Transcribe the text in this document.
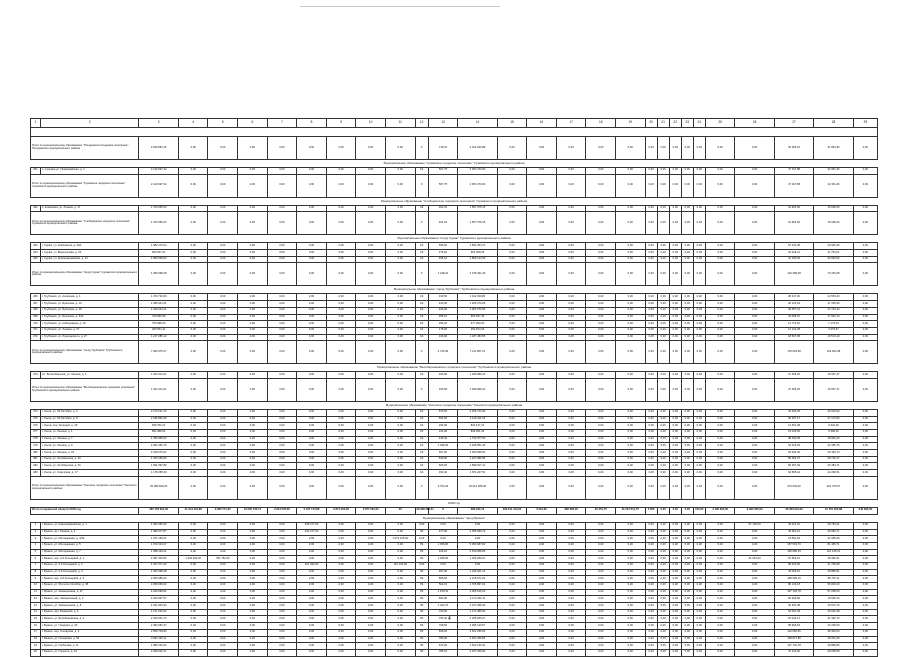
1	2	3	4	5	6	7	8	9	10	11	12	13	14	15	16	17	18	19	20	21	22	23	24	25	26	27	28	29

Итого по муниципальному образованию "Погоданское Кочедские поселение" Погоданского муниципального района		2 530 884,16	0,00	0,00	0,00	0,00	0,00	0,00	0,00	0,00	X	718,70	2 424 622,89	0,00	0,00	0,00	0,00	0,00	0,00	0,00	0,00	0,00	0,00	0,00	0,00	63 365,16	41 854,35	0,00
Муниципальное образование "Суземское городское поселение" Суземского муниципального района																												
261	п. Суземка ул. Первомайская, д. 1	2 120 997,34	0,00	0,00	0,00	0,00	0,00	0,00	0,00	0,00	СК	567,75	2 053 473,00	0,00	0,00	0,00	0,00	0,00	0,00	0,00	0,00	0,00	0,00	0,00	0,00	47 167,88	32 361,46	0,00
Итого по муниципальному образованию "Суземское городское поселение" Суземского муниципального района		2 120 997,34	0,00	0,00	0,00	0,00	0,00	0,00	0,00	0,00	X	567,75	2 053 473,00	0,00	0,00	0,00	0,00	0,00	0,00	0,00	0,00	0,00	0,00	0,00	0,00	47 167,88	32 361,46	0,00
Муниципальное образование "Слободинское городское поселение" Суземского муниципального района																												
262	п. Кокоревка, ул. Ленина, д. 17	1 704 650,03	0,00	0,00	0,00	0,00	0,00	0,00	0,00	0,00	СК	461,10	1 657 075,15	0,00	0,00	0,00	0,00	0,00	0,00	0,00	0,00	0,00	0,00	0,00	0,00	31 664,52	15 628,26	0,00
Итого по муниципальному образованию "Слободинское городское поселение" Суземского муниципального района		1 704 650,03	0,00	0,00	0,00	0,00	0,00	0,00	0,00	0,00	X	461,10	1 657 075,15	0,00	0,00	0,00	0,00	0,00	0,00	0,00	0,00	0,00	0,00	0,00	0,00	31 664,52	15 628,26	0,00
Муниципальное образование "город Сураж" Суражского муниципального района																												
263	г. Сураж, ул. Комсомола, д. 46А	1 682 270,64	0,00	0,00	0,00	0,00	0,00	0,00	0,00	0,00	СК	505,00	1 564 354,72	0,00	0,00	0,00	0,00	0,00	0,00	0,00	0,00	0,00	0,00	0,00	0,00	67 410,48	20 905,45	0,00
264	г. Сураж, ул. Ворошилова, д. 63	993 267,91	0,00	0,00	0,00	0,00	0,00	0,00	0,00	0,00	СК	276,81	951 069,25	0,00	0,00	0,00	0,00	0,00	0,00	0,00	0,00	0,00	0,00	0,00	0,00	34 429,21	11 794,61	0,00
265	г. Сураж, ул. Красноармейская, д. 24	1 850 538,03	0,00	0,00	0,00	0,00	0,00	0,00	0,00	0,00	СК	465,12	1 863 123,39	0,00	0,00	0,00	0,00	0,00	0,00	0,00	0,00	0,00	0,00	0,00	0,00	41 150,02	22 064,52	0,00
Итого по муниципальному образованию "город Сураж" Суражского муниципального района		4 466 098,28	0,00	0,00	0,00	0,00	0,00	0,00	0,00	0,00	X	1 248,10	4 378 461,40	0,00	0,00	0,00	0,00	0,00	0,00	0,00	0,00	0,00	0,00	0,00	0,00	140 289,28	70 152,68	0,00
Муниципальное образование "город Трубчевск" Трубчевского муниципального района																												
266	г. Трубчевск, ул. Ансинова, д. 1	1 370 726,06	0,00	0,00	0,00	0,00	0,00	0,00	0,00	0,00	СК	430,50	1 312 039,80	0,00	0,00	0,00	0,00	0,00	0,00	0,00	0,00	0,00	0,00	0,00	0,00	38 447,30	24 554,20	0,00
267	г. Трубчевск, ул. Брянская, д. 10	1 385 941,51	0,00	0,00	0,00	0,00	0,00	0,00	0,00	0,00	СК	433,00	1 325 276,05	0,00	0,00	0,00	0,00	0,00	0,00	0,00	0,00	0,00	0,00	0,00	0,00	26 123,63	17 155,90	0,00
268	г. Трубчевск, ул. Брянская, д. 18	1 340 024,21	0,00	0,00	0,00	0,00	0,00	0,00	0,00	0,00	СК	425,00	1 301 670,05	0,00	0,00	0,00	0,00	0,00	0,00	0,00	0,00	0,00	0,00	0,00	0,00	36 457,41	17 724,44	0,00
269	г. Трубчевск, ул. Брянская, д. 34А	720 096,99	0,00	0,00	0,00	0,00	0,00	0,00	0,00	0,00	СК	295,10	663 847,45	0,00	0,00	0,00	0,00	0,00	0,00	0,00	0,00	0,00	0,00	0,00	0,00	34 068,37	17 691,14	0,00
270	г. Трубчевск, ул. Набережная, д. 16	705 998,00	0,00	0,00	0,00	0,00	0,00	0,00	0,00	0,00	СК	294,20	677 003,00	0,00	0,00	0,00	0,00	0,00	0,00	0,00	0,00	0,00	0,00	0,00	0,00	11 774,62	7 179,04	0,00
271	г. Трубчевск, ул. Ленина, д. 27	260 654,41	0,00	0,00	0,00	0,00	0,00	0,00	0,00	0,00	СК	178,00	252 814,03	0,00	0,00	0,00	0,00	0,00	0,00	0,00	0,00	0,00	0,00	0,00	0,00	12 122,28	4 379,67	0,00
272	г. Трубчевск, ул. Луначарского, д. 27	1 217 286,12	0,00	0,00	0,00	0,00	0,00	0,00	0,00	0,00	СК	430,00	1 187 484,55	0,00	0,00	0,00	0,00	0,00	0,00	0,00	0,00	0,00	0,00	0,00	0,00	18 527,08	10 513,19	0,00
Итого по муниципальному образованию "город Трубчевск" Трубчевского муниципального района		7 000 675,47	0,00	0,00	0,00	0,00	0,00	0,00	0,00	0,00	X	2 740,45	7 111 087,21	0,00	0,00	0,00	0,00	0,00	0,00	0,00	0,00	0,00	0,00	0,00	0,00	178 629,68	102 904,98	0,00
Муниципальное образование "Белоберезковское городское поселение" Трубчевского муниципального района																												
273	пгт. Белая Березка, ул. Ленина, д. 4	1 343 411,01	0,00	0,00	0,00	0,00	0,00	0,00	0,00	0,00	СК	323,50	1 299 999,14	0,00	0,00	0,00	0,00	0,00	0,00	0,00	0,00	0,00	0,00	0,00	0,00	27 356,25	16 557,47	0,00
Итого по муниципальному образованию "Белоберезковское городское поселение" Трубчевского муниципального района		1 343 411,01	0,00	0,00	0,00	0,00	0,00	0,00	0,00	0,00	X	323,50	1 299 999,14	0,00	0,00	0,00	0,00	0,00	0,00	0,00	0,00	0,00	0,00	0,00	0,00	27 356,25	16 557,47	0,00
Муниципальное образование "Унечское городское поселение" Унечского муниципального района																												
274	г. Унеча, ул. 50 Октября, д. 4	2 173 221,70	0,00	0,00	0,00	0,00	0,00	0,00	0,00	0,00	СК	576,00	2 106 712,92	0,00	0,00	0,00	0,00	0,00	0,00	0,00	0,00	0,00	0,00	0,00	0,00	44 484,05	22 023,93	0,00
275	г. Унеча, ул. 50 Октября, д. 8	2 186 862,28	0,00	0,00	0,00	0,00	0,00	0,00	0,00	0,00	СК	564,60	2 129 411,03	0,00	0,00	0,00	0,00	0,00	0,00	0,00	0,00	0,00	0,00	0,00	0,00	30 257,17	27 173,66	0,00
276	г. Унеча, пер. Зеленый, д. 25	845 762,21	0,00	0,00	0,00	0,00	0,00	0,00	0,00	0,00	СК	234,60	822 137,41	0,00	0,00	0,00	0,00	0,00	0,00	0,00	0,00	0,00	0,00	0,00	0,00	14 351,48	9 343,26	0,00
277	г. Унеча, ул. Ленина, д. 1	864 488,04	0,00	0,00	0,00	0,00	0,00	0,00	0,00	0,00	СК	241,00	839 051,36	0,00	0,00	0,00	0,00	0,00	0,00	0,00	0,00	0,00	0,00	0,00	0,00	16 046,56	9 390,02	0,00
278	г. Унеча, ул. Ленина, д. 7	1 784 983,02	0,00	0,00	0,00	0,00	0,00	0,00	0,00	0,00	СК	445,40	1 732 977,50	0,00	0,00	0,00	0,00	0,00	0,00	0,00	0,00	0,00	0,00	0,00	0,00	38 060,09	18 945,43	0,00
279	г. Унеча, ул. Ленина, д. 9	2 362 466,76	0,00	0,00	0,00	0,00	0,00	0,00	0,00	0,00	СК	1 098,30	2 296 851,40	0,00	0,00	0,00	0,00	0,00	0,00	0,00	0,00	0,00	0,00	0,00	0,00	54 013,03	42 185,76	0,00
280	г. Унеча, ул. Ленина, д. 18	2 318 076,02	0,00	0,00	0,00	0,00	0,00	0,00	0,00	0,00	СК	567,50	2 260 566,60	0,00	0,00	0,00	0,00	0,00	0,00	0,00	0,00	0,00	0,00	0,00	0,00	53 236,40	26 493,73	0,00
281	г. Унеча, ул. Октябрьская, д. 32	1 315 169,56	0,00	0,00	0,00	0,00	0,00	0,00	0,00	0,00	СК	529,00	1 227 896,95	0,00	0,00	0,00	0,00	0,00	0,00	0,00	0,00	0,00	0,00	0,00	0,00	55 483,37	29 749,17	0,00
282	г. Унеча, ул. Октябрьская, д. 61	1 991 597,89	0,00	0,00	0,00	0,00	0,00	0,00	0,00	0,00	СК	606,00	1 899 617,11	0,00	0,00	0,00	0,00	0,00	0,00	0,00	0,00	0,00	0,00	0,00	0,00	50 457,49	25 484,71	0,00
283	г. Унеча, ул. Советская, д. 17	1 178 258,30	0,00	0,00	0,00	0,00	0,00	0,00	0,00	0,00	СК	452,40	1 671 227,51	0,00	0,00	0,00	0,00	0,00	0,00	0,00	0,00	0,00	0,00	0,00	0,00	64 568,42	22 290,51	0,00
Итого по муниципальному образованию "Унечское городское поселение" Унечского муниципального района		20 080 929,00	0,00	0,00	0,00	0,00	0,00	0,00	0,00	0,00	X	5 764,40	19 614 486,00	0,00	0,00	0,00	0,00	0,00	0,00	0,00	0,00	0,00	0,00	0,00	0,00	373 003,02	301 379,67	0,00
2018 год																												
Итого по Брянской области 2018 год		387 150 991,00	41 044 404,88	9 960 771,26	10 600 730,74	2 814 078,36	5 427 173,88	2 871 202,36	2 977 233,34	40	23 296 085,41	X	383 222,12	309 011 414,64	2 091,60	382 980,00	20 351,75	31 012 514,75	2 206	0,00	0,00	0,00	150,00	4 190 905,00	9 090 305,00	26 300 944,00	12 761 205,88	246 090,00
Муниципальное образование "город Брянск"																												
1	г. Брянск, ул. Красноармейская, д. 1	1 360 356,36	0,00	0,00	0,00	0,00	348 277,00	0,00	0,00	0,00	0,00	0,00	0,00	0,00	0,00	0,00	0,00	0,00	0,00	0,00	0,00	0,00	0,00	0,00	67 135,00	49 115,32	29 794,41	0,00
2	г. Брянск, пр-т Ленина, д. 2	1 999 377,87	0,00	0,00	0,00	0,00	420 277,00	0,00	0,00	0,00	ПК	477,90	2 355 999,72	0,00	0,00	0,00	0,00	0,00	0,00	0,00	0,00	0,00	0,00	0,00	0,00	42 961,12	45 083,71	0,00
3	г. Брянск, ул. Молодежная, д. 4/32	1 971 136,21	0,00	0,00	0,00	0,00	0,00	0,00	0,00	1 073 125,60	0,00	0,00	0,00	0,00	0,00	0,00	0,00	0,00	0,00	0,00	0,00	0,00	0,00	0,00	0,00	13 561,62	34 185,29	0,00
4	г. Брянск, ул. Молодежная, д. 5	1 072 023,27	0,00	0,00	0,00	0,00	0,00	0,00	0,00	0,00	ПК	1 056,80	5 050 987,60	0,00	0,00	0,00	0,00	0,00	0,00	0,00	0,00	0,00	0,00	0,00	0,00	157 533,70	81 365,71	0,00
5	г. Брянск, ул. Молодежная, д. 7	1 398 140,21	0,00	0,00	0,00	0,00	0,00	0,00	0,00	0,00	ПК	443,10	6 519 968,65	0,00	0,00	0,00	0,00	0,00	0,00	0,00	0,00	0,00	0,00	0,00	0,00	136 680,33	116 145,21	0,00
6	г. Брянск, пер. 2-й Кольцевой, д. 1	1 597 403,56	1 204 403,20	781 752,00	0,00	0,00	0,00	0,00	0,00	0,00	ПК	1 256,60	1 266 250,21	0,00	0,00	0,00	0,00	0,00	0,00	0,00	0,00	0,00	0,00	0,00	21 661,00	67 663,16	48 366,31	0,00
7	г. Брянск, ул. 2-й Кольцевой, д. 2	1 347 071,32	0,00	0,00	0,00	0,00	261 032,00	0,00	0,00	151 192,00	0,00	0,00	0,00	0,00	0,00	0,00	0,00	0,00	0,00	0,00	0,00	0,00	0,00	0,00	0,00	58 233,56	41 766,68	0,00
8	г. Брянск, ул. 2-й Кольцевой, д. 3	1 303 398,38	0,00	0,00	0,00	0,00	0,00	0,00	0,00	0,00	ПК	497,00	1 246 621,14	0,00	0,00	0,00	0,00	0,00	0,00	0,00	0,00	0,00	0,00	0,00	0,00	44 026,51	25 885,91	0,00
9	г. Брянск, пер. 2-й Кольцевой, д. 5	2 303 089,20	0,00	0,00	0,00	0,00	0,00	0,00	0,00	0,00	ПК	805,50	2 128 671,91	0,00	0,00	0,00	0,00	0,00	0,00	0,00	0,00	0,00	0,00	0,00	0,00	108 599,10	58 797,11	0,00
10	г. Брянск, ул. 50-летия Октября, д. 35	1 848 060,62	0,00	0,00	0,00	0,00	0,00	0,00	0,00	0,00	ПК	502,10	1 705 897,24	0,00	0,00	0,00	0,00	0,00	0,00	0,00	0,00	0,00	0,00	0,00	0,00	86 143,18	56 020,20	0,00
11	г. Брянск, ул. Авиационная, д. 27	4 220 999,91	0,00	0,00	0,00	0,00	0,00	0,00	0,00	0,00	ПК	1 150,10	4 056 616,10	0,00	0,00	0,00	0,00	0,00	0,00	0,00	0,00	0,00	0,00	0,00	0,00	107 145,78	57 238,03	0,00
12	г. Брянск, пер. Авиационный, д. 2	2 244 967,57	0,00	0,00	0,00	0,00	0,00	0,00	0,00	0,00	ПК	662,00	2 174 220,11	0,00	0,00	0,00	0,00	0,00	0,00	0,00	0,00	0,00	0,00	0,00	0,00	60 209,00	10 538,10	0,00
13	г. Брянск, ул. Авиационная, д. 8	4 321 844,94	0,00	0,00	0,00	0,00	0,00	0,00	0,00	0,00	ПК	1 232,70	4 157 969,40	0,00	0,00	0,00	0,00	0,00	0,00	0,00	0,00	0,00	0,00	0,00	0,00	94 302,38	49 572,76	0,00
14	г. Брянск, пер. Бежицкий, д. 6	1 271 064,02	0,00	0,00	0,00	0,00	0,00	0,00	0,00	0,00	ПК	793,00	1 171 085,00	0,00	0,00	0,00	0,00	0,00	0,00	0,00	0,00	0,00	0,00	0,00	0,00	54 051,39	34 022,48	0,00
15	г. Брянск, ул. Белобережская, д. 2	2 340 031,73	0,00	0,00	0,00	0,00	0,00	0,00	0,00	0,00	ПК	756,40	2 258 255,27	0,00	0,00	0,00	0,00	0,00	0,00	0,00	0,00	0,00	0,00	0,00	0,00	51 044,14	31 362,72	0,00
16	г. Брянск, ул. Гагарина, д. 20	2 484 052,47	0,00	0,00	0,00	0,00	0,00	0,00	0,00	0,00	ПК	708,60	2 395 140,57	0,00	0,00	0,00	0,00	0,00	0,00	0,00	0,00	0,00	0,00	0,00	0,00	58 966,63	44 165,53	0,00
17	г. Брянск, пер. Гончарова, д. 6	2 659 709,83	0,00	0,00	0,00	0,00	0,00	0,00	0,00	0,00	ПК	836,00	2 521 256,54	0,00	0,00	0,00	0,00	0,00	0,00	0,00	0,00	0,00	0,00	0,00	0,00	110 050,65	28 402,64	0,00
18	г. Брянск, ул. Гончарова, д. 53	3 091 115,11	0,00	0,00	0,00	0,00	0,00	0,00	0,00	0,00	ПК	780,00	2 937 266,05	0,00	0,00	0,00	0,00	0,00	0,00	0,00	0,00	0,00	0,00	0,00	0,00	108 617,80	49 231,26	0,00
19	г. Брянск, ул. Горбатова, д. 11	1 585 219,20	0,00	0,00	0,00	0,00	0,00	0,00	0,00	0,00	ПК	672,00	1 522 130,41	0,00	0,00	0,00	0,00	0,00	0,00	0,00	0,00	0,00	0,00	0,00	0,00	137 743,78	29 889,86	0,00
20	г. Брянск, ул. Горького, д. 22	2 330 200,71	0,00	0,00	0,00	0,00	0,00	0,00	0,00	0,00	ПК	785,10	2 157 269,60	0,00	0,00	0,00	0,00	0,00	0,00	0,00	0,00	0,00	0,00	0,00	0,00	70 104,00	29 048,05	0,00
4
